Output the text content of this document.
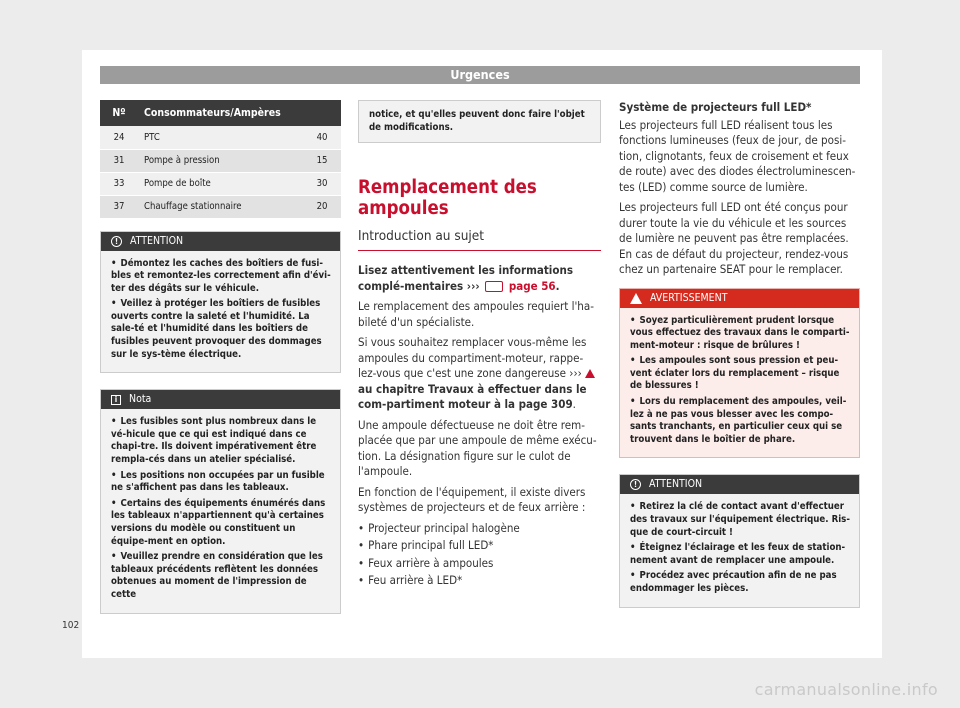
Urgences
Nº	Consommateurs/Ampères	
24	PTC	40
31	Pompe à pression	15
33	Pompe de boîte	30
37	Chauffage stationnaire	20
!	ATTENTION

• Démontez les caches des boîtiers de fusi-bles et remontez-les correctement afin d'évi-ter des dégâts sur le véhicule.

• Veillez à protéger les boîtiers de fusibles ouverts contre la saleté et l'humidité. La sale-té et l'humidité dans les boîtiers de fusibles peuvent provoquer des dommages sur le sys-tème électrique.

i	Nota

• Les fusibles sont plus nombreux dans le vé-hicule que ce qui est indiqué dans ce chapi-tre. Ils doivent impérativement être rempla-cés dans un atelier spécialisé.

• Les positions non occupées par un fusible ne s'affichent pas dans les tableaux.

• Certains des équipements énumérés dans les tableaux n'appartiennent qu'à certaines versions du modèle ou constituent un équipe-ment en option.

• Veuillez prendre en considération que les tableaux précédents reflètent les données obtenues au moment de l'impression de cette

notice, et qu'elles peuvent donc faire l'objet de modifications.
Remplacement des ampoules
Introduction au sujet

Lisez attentivement les informations complé-mentaires ›››	page 56.

Le remplacement des ampoules requiert l'ha-bileté d'un spécialiste.

Si vous souhaitez remplacer vous-même les ampoules du compartiment-moteur, rappe-lez-vous que c'est une zone dangereuse ›››  au chapitre Travaux à effectuer dans le com-partiment moteur à la page 309.

Une ampoule défectueuse ne doit être rem-placée que par une ampoule de même exécu-tion. La désignation figure sur le culot de l'ampoule.

En fonction de l'équipement, il existe divers systèmes de projecteurs et de feux arrière :

• Projecteur principal halogène

• Phare principal full LED*

• Feux arrière à ampoules

• Feu arrière à LED*

Système de projecteurs full LED*

Les projecteurs full LED réalisent tous les fonctions lumineuses (feux de jour, de posi-tion, clignotants, feux de croisement et feux de route) avec des diodes électroluminescen-tes (LED) comme source de lumière.

Les projecteurs full LED ont été conçus pour durer toute la vie du véhicule et les sources de lumière ne peuvent pas être remplacées. En cas de défaut du projecteur, rendez-vous chez un partenaire SEAT pour le remplacer.

AVERTISSEMENT

• Soyez particulièrement prudent lorsque vous effectuez des travaux dans le comparti-ment-moteur : risque de brûlures !

• Les ampoules sont sous pression et peu-vent éclater lors du remplacement – risque de blessures !

• Lors du remplacement des ampoules, veil-lez à ne pas vous blesser avec les compo-sants tranchants, en particulier ceux qui se trouvent dans le boîtier de phare.

!	ATTENTION

• Retirez la clé de contact avant d'effectuer des travaux sur l'équipement électrique. Ris-que de court-circuit !

• Éteignez l'éclairage et les feux de station-nement avant de remplacer une ampoule.

• Procédez avec précaution afin de ne pas endommager les pièces.

102
carmanualsonline.info
